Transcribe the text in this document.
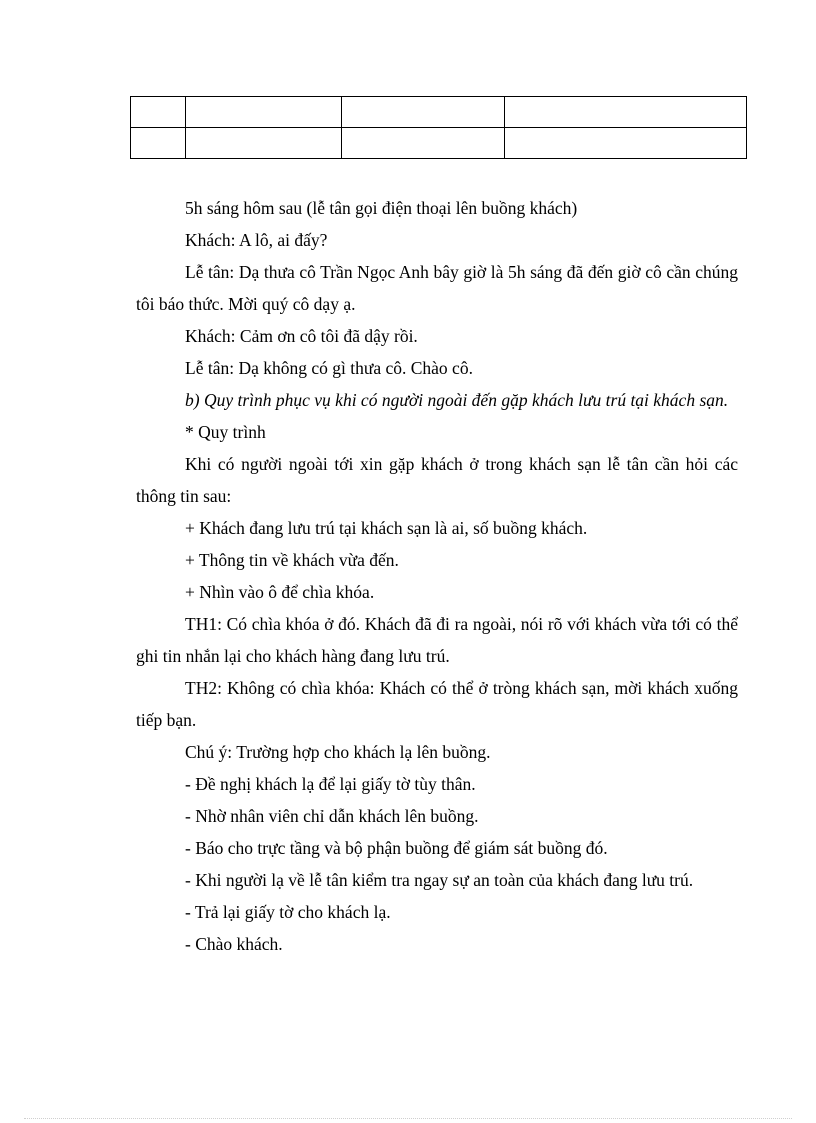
5h sáng hôm sau (lễ tân gọi điện thoại lên buồng khách)

Khách: A lô, ai đấy?

Lễ tân: Dạ thưa cô Trần Ngọc Anh bây giờ là 5h sáng đã đến giờ cô cần chúng tôi báo thức. Mời quý cô dạy ạ.

Khách: Cảm ơn cô tôi đã dậy rồi.

Lễ tân: Dạ không có gì thưa cô. Chào cô.

b) Quy trình phục vụ khi có người ngoài đến gặp khách lưu trú tại khách sạn.

* Quy trình

Khi có người ngoài tới xin gặp khách ở trong khách sạn lễ tân cần hỏi các thông tin sau:

+ Khách đang lưu trú tại khách sạn là ai, số buồng khách.

+ Thông tin về khách vừa đến.

+ Nhìn vào ô để chìa khóa.

TH1: Có chìa khóa ở đó. Khách đã đi ra ngoài, nói rõ với khách vừa tới có thể ghi tin nhắn lại cho khách hàng đang lưu trú.

TH2: Không có chìa khóa: Khách có thể ở tròng khách sạn, mời khách xuống tiếp bạn.

Chú ý: Trường hợp cho khách lạ lên buồng.

- Đề nghị khách lạ để lại giấy tờ tùy thân.

- Nhờ nhân viên chỉ dẫn khách lên buồng.

- Báo cho trực tầng và bộ phận buồng để giám sát buồng đó.

- Khi người lạ về lễ tân kiểm tra ngay sự an toàn của khách đang lưu trú.

- Trả lại giấy tờ cho khách lạ.

- Chào khách.
